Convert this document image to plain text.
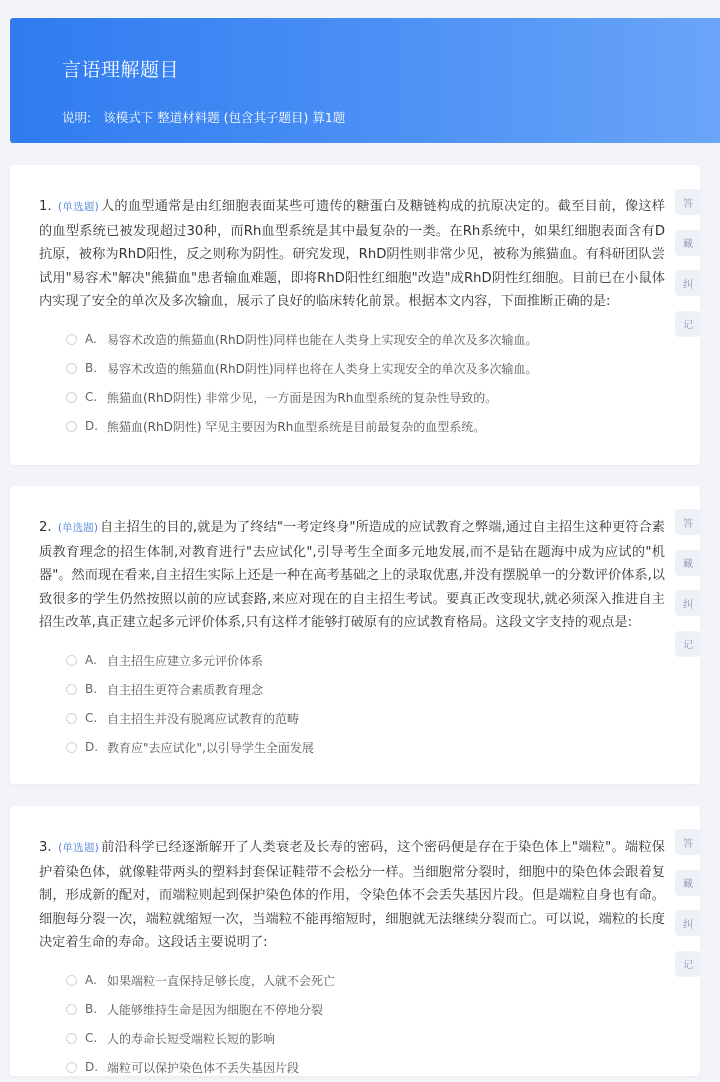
言语理解题目
说明: 该模式下 整道材料题 (包含其子题目) 算1题

1. (单选题) 人的血型通常是由红细胞表面某些可遗传的糖蛋白及糖链构成的抗原决定的。截至目前，像这样的血型系统已被发现超过30种，而Rh血型系统是其中最复杂的一类。在Rh系统中，如果红细胞表面含有D抗原，被称为RhD阳性，反之则称为阴性。研究发现，RhD阴性则非常少见，被称为熊猫血。有科研团队尝试用"易容术"解决"熊猫血"患者输血难题，即将RhD阳性红细胞"改造"成RhD阴性红细胞。目前已在小鼠体内实现了安全的单次及多次输血，展示了良好的临床转化前景。根据本文内容，下面推断正确的是:

A. 易容术改造的熊猫血(RhD阴性)同样也能在人类身上实现安全的单次及多次输血。
B. 易容术改造的熊猫血(RhD阴性)同样也将在人类身上实现安全的单次及多次输血。
C. 熊猫血(RhD阴性) 非常少见，一方面是因为Rh血型系统的复杂性导致的。
D. 熊猫血(RhD阴性) 罕见主要因为Rh血型系统是目前最复杂的血型系统。
答
藏
纠
记

2. (单选题) 自主招生的目的,就是为了终结"一考定终身"所造成的应试教育之弊端,通过自主招生这种更符合素质教育理念的招生体制,对教育进行"去应试化",引导考生全面多元地发展,而不是钻在题海中成为应试的"机器"。然而现在看来,自主招生实际上还是一种在高考基础之上的录取优惠,并没有摆脱单一的分数评价体系,以致很多的学生仍然按照以前的应试套路,来应对现在的自主招生考试。要真正改变现状,就必须深入推进自主招生改革,真正建立起多元评价体系,只有这样才能够打破原有的应试教育格局。这段文字支持的观点是:

A. 自主招生应建立多元评价体系
B. 自主招生更符合素质教育理念
C. 自主招生并没有脱离应试教育的范畴
D. 教育应"去应试化",以引导学生全面发展
答
藏
纠
记

3. (单选题) 前沿科学已经逐渐解开了人类衰老及长寿的密码，这个密码便是存在于染色体上"端粒"。端粒保护着染色体，就像鞋带两头的塑料封套保证鞋带不会松分一样。当细胞常分裂时，细胞中的染色体会跟着复制，形成新的配对，而端粒则起到保护染色体的作用，令染色体不会丢失基因片段。但是端粒自身也有命。细胞每分裂一次，端粒就缩短一次，当端粒不能再缩短时，细胞就无法继续分裂而亡。可以说，端粒的长度决定着生命的寿命。这段话主要说明了:

A. 如果端粒一直保持足够长度，人就不会死亡
B. 人能够维持生命是因为细胞在不停地分裂
C. 人的寿命长短受端粒长短的影响
D. 端粒可以保护染色体不丢失基因片段
答
藏
纠
记
